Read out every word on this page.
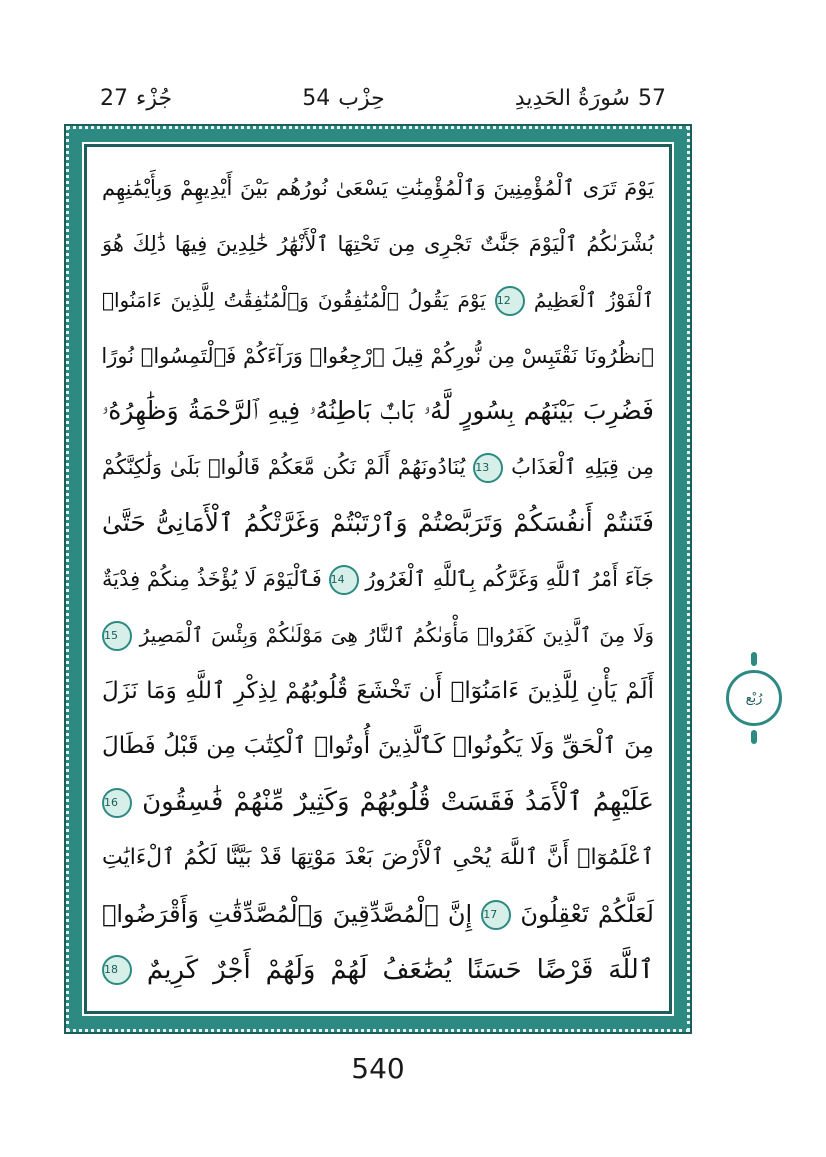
57
سُورَةُ الحَدِيدِ
حِزْب
54
جُزْء
27
يَوْمَ تَرَى ٱلْمُؤْمِنِينَ وَٱلْمُؤْمِنَٰتِ يَسْعَىٰ نُورُهُم بَيْنَ أَيْدِيهِمْ وَبِأَيْمَٰنِهِم
بُشْرَىٰكُمُ ٱلْيَوْمَ جَنَّٰتٌ تَجْرِى مِن تَحْتِهَا ٱلْأَنْهَٰرُ خَٰلِدِينَ فِيهَا ذَٰلِكَ هُوَ
ٱلْفَوْزُ ٱلْعَظِيمُ 12 يَوْمَ يَقُولُ ٱلْمُنَٰفِقُونَ وَٱلْمُنَٰفِقَٰتُ لِلَّذِينَ ءَامَنُوا۟
ٱنظُرُونَا نَقْتَبِسْ مِن نُّورِكُمْ قِيلَ ٱرْجِعُوا۟ وَرَآءَكُمْ فَٱلْتَمِسُوا۟ نُورًا
فَضُرِبَ بَيْنَهُم بِسُورٍ لَّهُۥ بَابٌۢ بَاطِنُهُۥ فِيهِ ٱلرَّحْمَةُ وَظَٰهِرُهُۥ
مِن قِبَلِهِ ٱلْعَذَابُ 13 يُنَادُونَهُمْ أَلَمْ نَكُن مَّعَكُمْ قَالُوا۟ بَلَىٰ وَلَٰكِنَّكُمْ
فَتَنتُمْ أَنفُسَكُمْ وَتَرَبَّصْتُمْ وَٱرْتَبْتُمْ وَغَرَّتْكُمُ ٱلْأَمَانِىُّ حَتَّىٰ
جَآءَ أَمْرُ ٱللَّهِ وَغَرَّكُم بِٱللَّهِ ٱلْغَرُورُ 14 فَٱلْيَوْمَ لَا يُؤْخَذُ مِنكُمْ فِدْيَةٌ
وَلَا مِنَ ٱلَّذِينَ كَفَرُوا۟ مَأْوَىٰكُمُ ٱلنَّارُ هِىَ مَوْلَىٰكُمْ وَبِئْسَ ٱلْمَصِيرُ 15
أَلَمْ يَأْنِ لِلَّذِينَ ءَامَنُوٓا۟ أَن تَخْشَعَ قُلُوبُهُمْ لِذِكْرِ ٱللَّهِ وَمَا نَزَلَ
مِنَ ٱلْحَقِّ وَلَا يَكُونُوا۟ كَٱلَّذِينَ أُوتُوا۟ ٱلْكِتَٰبَ مِن قَبْلُ فَطَالَ
عَلَيْهِمُ ٱلْأَمَدُ فَقَسَتْ قُلُوبُهُمْ وَكَثِيرٌ مِّنْهُمْ فَٰسِقُونَ 16
ٱعْلَمُوٓا۟ أَنَّ ٱللَّهَ يُحْىِ ٱلْأَرْضَ بَعْدَ مَوْتِهَا قَدْ بَيَّنَّا لَكُمُ ٱلْءَايَٰتِ
لَعَلَّكُمْ تَعْقِلُونَ 17 إِنَّ ٱلْمُصَّدِّقِينَ وَٱلْمُصَّدِّقَٰتِ وَأَقْرَضُوا۟
ٱللَّهَ قَرْضًا حَسَنًا يُضَٰعَفُ لَهُمْ وَلَهُمْ أَجْرٌ كَرِيمٌ 18
رُبْع
540
